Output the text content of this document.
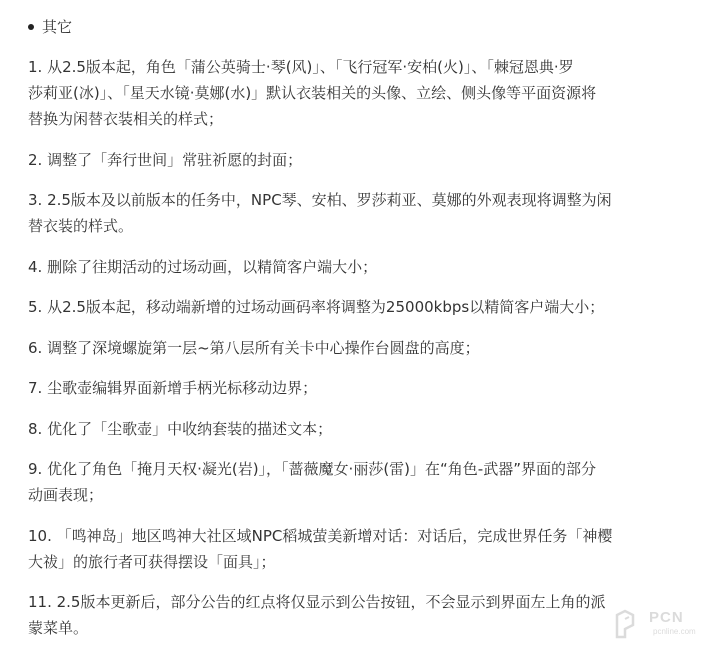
其它
1. 从2.5版本起，角色「蒲公英骑士·琴(风)」、「飞行冠军·安柏(火)」、「棘冠恩典·罗
莎莉亚(冰)」、「星天水镜·莫娜(水)」默认衣装相关的头像、立绘、侧头像等平面资源将
替换为闲替衣装相关的样式；
2. 调整了「奔行世间」常驻祈愿的封面；
3. 2.5版本及以前版本的任务中，NPC琴、安柏、罗莎莉亚、莫娜的外观表现将调整为闲
替衣装的样式。
4. 删除了往期活动的过场动画，以精简客户端大小；
5. 从2.5版本起，移动端新增的过场动画码率将调整为25000kbps以精简客户端大小；
6. 调整了深境螺旋第一层~第八层所有关卡中心操作台圆盘的高度；
7. 尘歌壶编辑界面新增手柄光标移动边界；
8. 优化了「尘歌壶」中收纳套装的描述文本；
9. 优化了角色「掩月天权·凝光(岩)」，「蔷薇魔女·丽莎(雷)」在“角色-武器”界面的部分
动画表现；
10. 「鸣神岛」地区鸣神大社区域NPC稻城萤美新增对话：对话后，完成世界任务「神樱
大祓」的旅行者可获得摆设「面具」；
11. 2.5版本更新后，部分公告的红点将仅显示到公告按钮，不会显示到界面左上角的派
蒙菜单。
PCN
pcnline.com
